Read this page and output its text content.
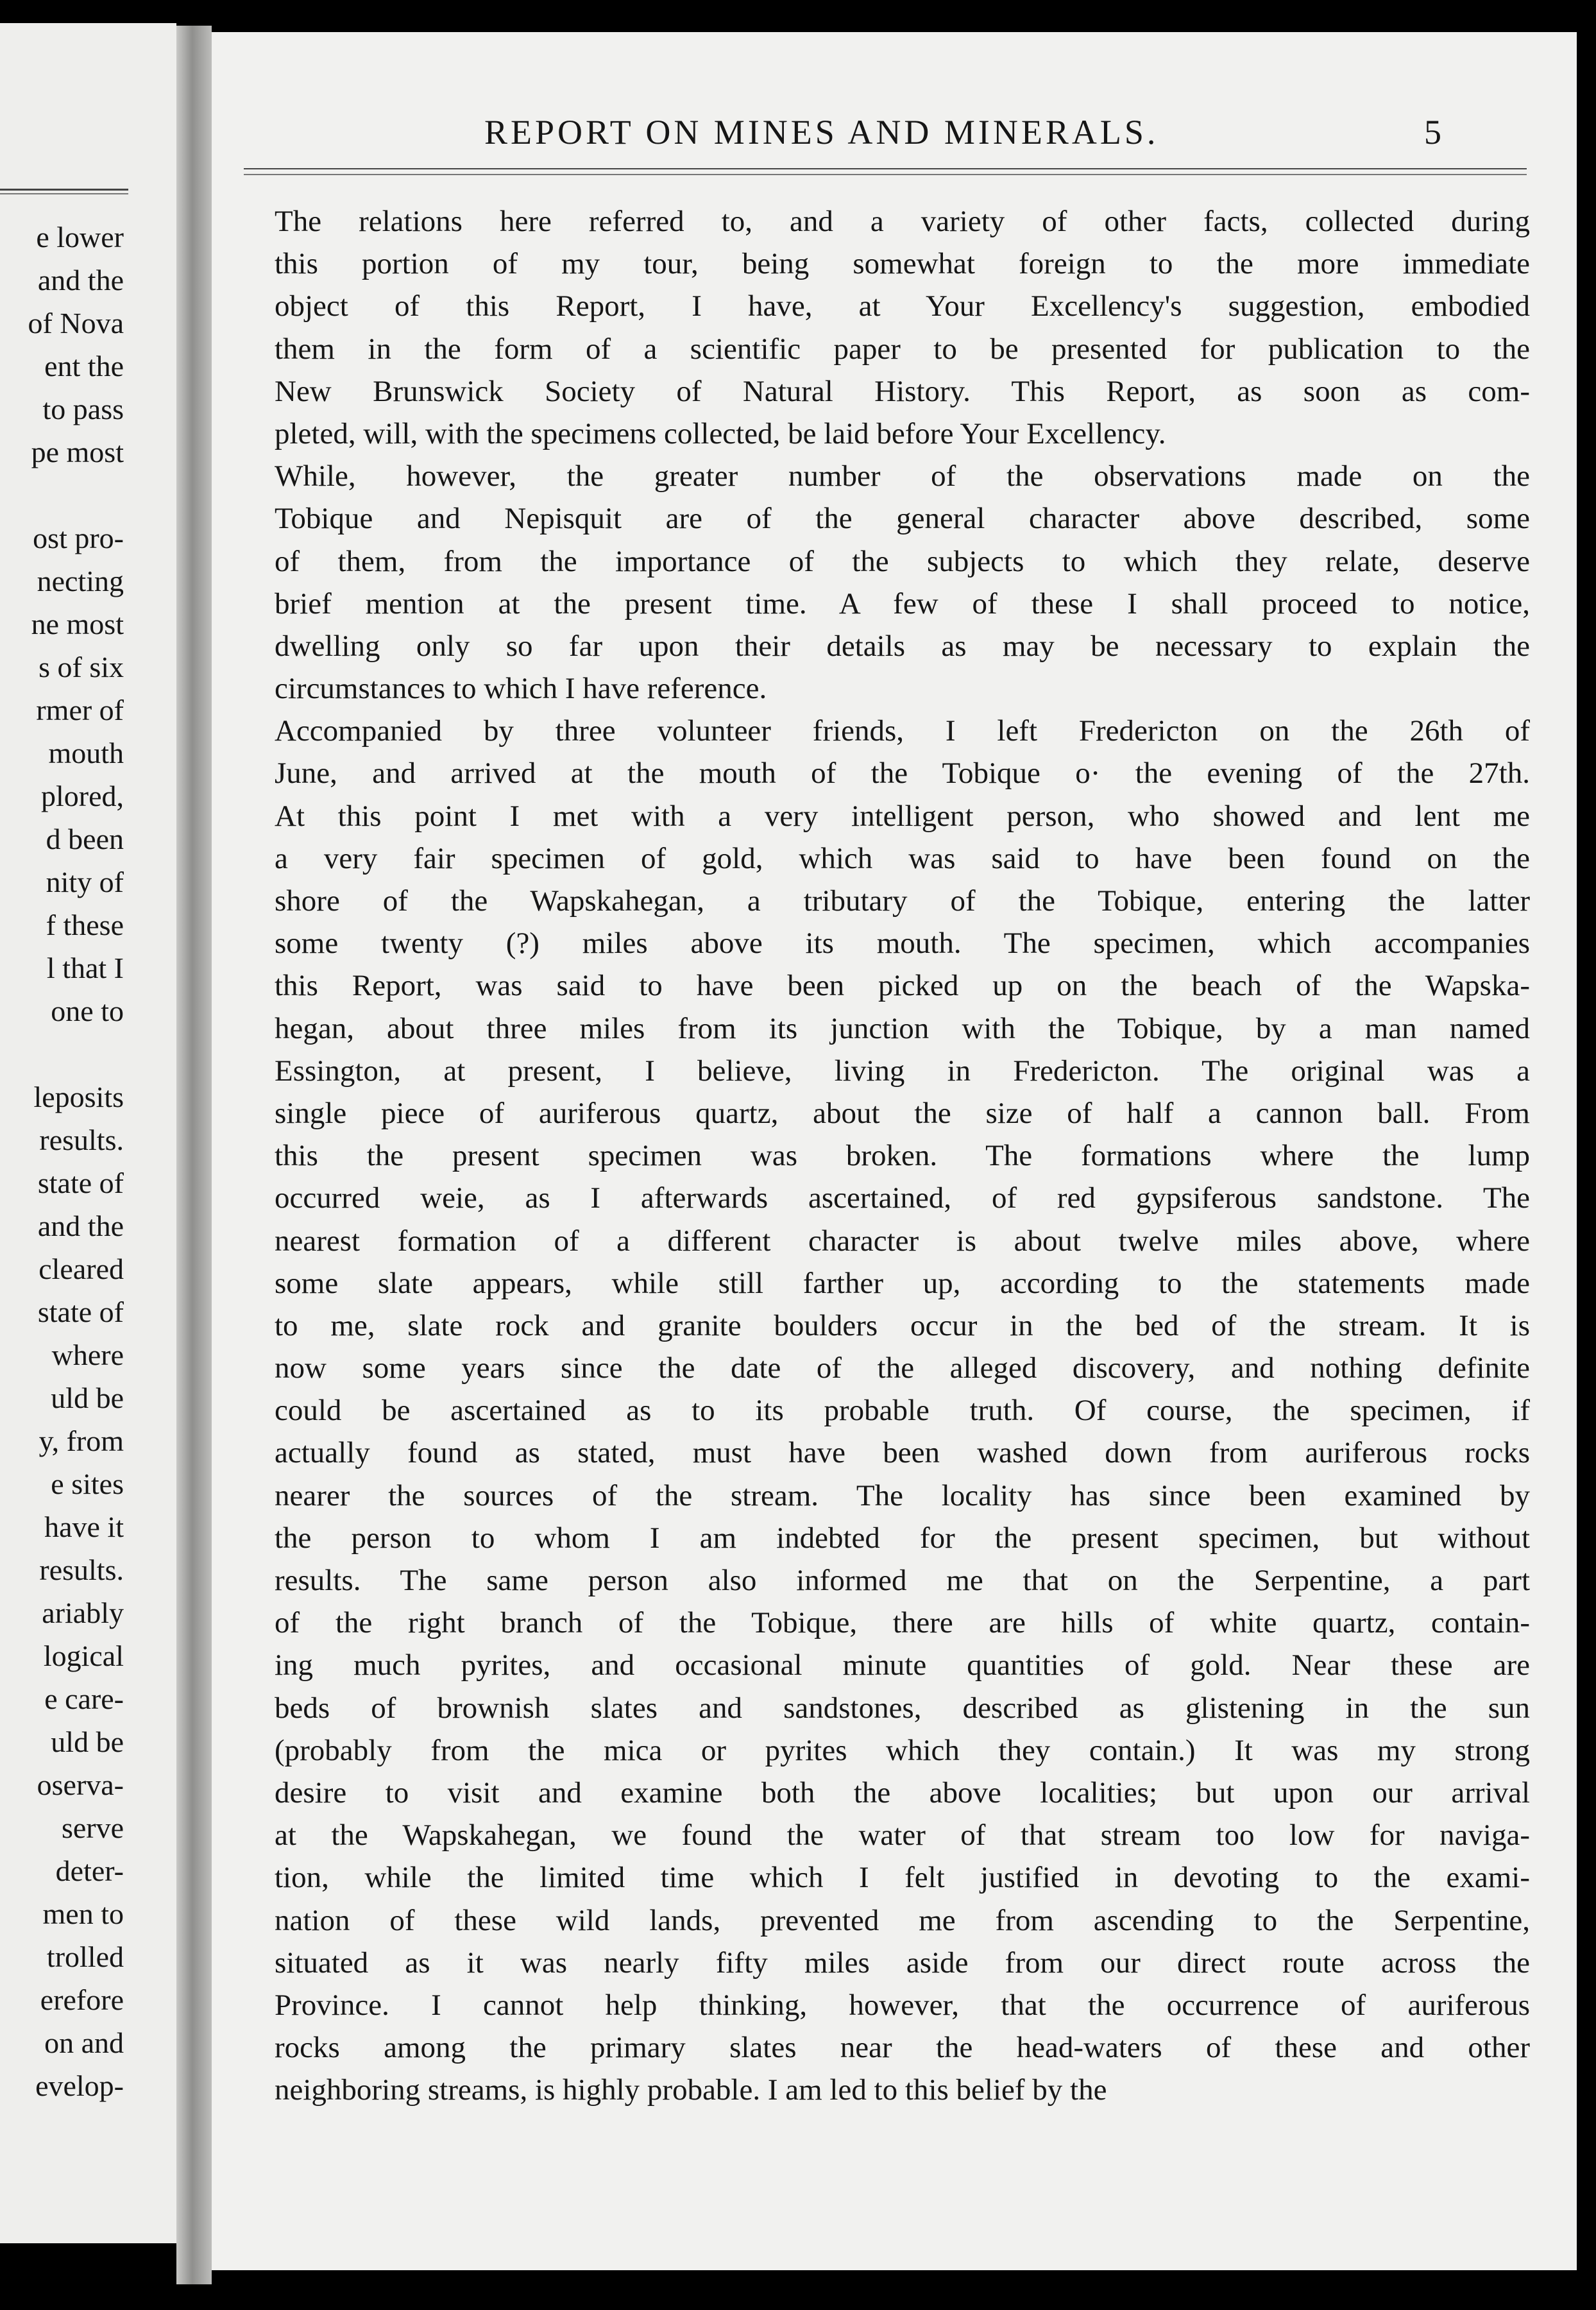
e lower
and the
of Nova
ent the
to pass
pe most
ost pro-
necting
ne most
s of six
rmer of
mouth
plored,
d been
nity of
f these
l that I
one to
leposits
results.
state of
and the
cleared
state of
where
uld be
y, from
e sites
have it
results.
ariably
logical
e care-
uld be
oserva-
serve
deter-
men to
trolled
erefore
on and
evelop-
REPORT ON MINES AND MINERALS.	5

The relations here referred to, and a variety of other facts, collected during
this portion of my tour, being somewhat foreign to the more immediate
object of this Report, I have, at Your Excellency's suggestion, embodied
them in the form of a scientific paper to be presented for publication to the
New Brunswick Society of Natural History. This Report, as soon as com-
pleted, will, with the specimens collected, be laid before Your Excellency.

While, however, the greater number of the observations made on the
Tobique and Nepisquit are of the general character above described, some
of them, from the importance of the subjects to which they relate, deserve
brief mention at the present time. A few of these I shall proceed to notice,
dwelling only so far upon their details as may be necessary to explain the
circumstances to which I have reference.

Accompanied by three volunteer friends, I left Fredericton on the 26th of
June, and arrived at the mouth of the Tobique o· the evening of the 27th.
At this point I met with a very intelligent person, who showed and lent me
a very fair specimen of gold, which was said to have been found on the
shore of the Wapskahegan, a tributary of the Tobique, entering the latter
some twenty (?) miles above its mouth. The specimen, which accompanies
this Report, was said to have been picked up on the beach of the Wapska-
hegan, about three miles from its junction with the Tobique, by a man named
Essington, at present, I believe, living in Fredericton. The original was a
single piece of auriferous quartz, about the size of half a cannon ball. From
this the present specimen was broken. The formations where the lump
occurred weie, as I afterwards ascertained, of red gypsiferous sandstone. The
nearest formation of a different character is about twelve miles above, where
some slate appears, while still farther up, according to the statements made
to me, slate rock and granite boulders occur in the bed of the stream. It is
now some years since the date of the alleged discovery, and nothing definite
could be ascertained as to its probable truth. Of course, the specimen, if
actually found as stated, must have been washed down from auriferous rocks
nearer the sources of the stream. The locality has since been examined by
the person to whom I am indebted for the present specimen, but without
results. The same person also informed me that on the Serpentine, a part
of the right branch of the Tobique, there are hills of white quartz, contain-
ing much pyrites, and occasional minute quantities of gold. Near these are
beds of brownish slates and sandstones, described as glistening in the sun
(probably from the mica or pyrites which they contain.) It was my strong
desire to visit and examine both the above localities; but upon our arrival
at the Wapskahegan, we found the water of that stream too low for naviga-
tion, while the limited time which I felt justified in devoting to the exami-
nation of these wild lands, prevented me from ascending to the Serpentine,
situated as it was nearly fifty miles aside from our direct route across the
Province. I cannot help thinking, however, that the occurrence of auriferous
rocks among the primary slates near the head-waters of these and other
neighboring streams, is highly probable. I am led to this belief by the
